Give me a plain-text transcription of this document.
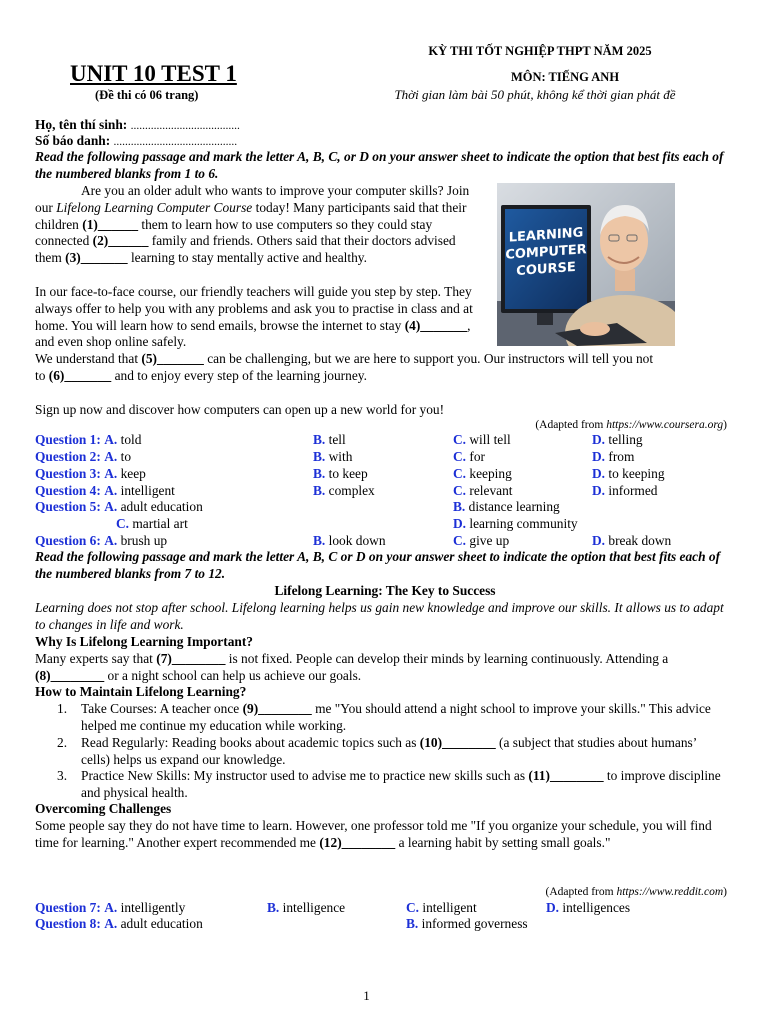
KỲ THI TỐT NGHIỆP THPT NĂM 2025
UNIT 10 TEST 1	MÔN: TIẾNG ANH
(Đề thi có 06 trang)	Thời gian làm bài 50 phút, không kể thời gian phát đề
Họ, tên thí sinh: ......................................
Số báo danh: ...........................................
Read the following passage and mark the letter A, B, C, or D on your answer sheet to indicate the option that best fits each of the numbered blanks from 1 to 6.
LEARNING
COMPUTER
COURSE
Are you an older adult who wants to improve your computer skills? Join our Lifelong Learning Computer Course today! Many participants said that their children (1)______ them to learn how to use computers so they could stay connected (2)______ family and friends. Others said that their doctors advised them (3)_______ learning to stay mentally active and healthy.
In our face-to-face course, our friendly teachers will guide you step by step. They always offer to help you with any problems and ask you to practise in class and at home. You will learn how to send emails, browse the internet to stay (4)_______, and even shop online safely.
We understand that (5)_______ can be challenging, but we are here to support you. Our instructors will tell you not to (6)_______ and to enjoy every step of the learning journey.
Sign up now and discover how computers can open up a new world for you!
(Adapted from https://www.coursera.org)
Question 1: A. told	B. tell	C. will tell	D. telling
Question 2: A. to	B. with	C. for	D. from
Question 3: A. keep	B. to keep	C. keeping	D. to keeping
Question 4: A. intelligent	B. complex	C. relevant	D. informed
Question 5: A. adult education	B. distance learning
C. martial art	D. learning community
Question 6: A. brush up	B. look down	C. give up	D. break down
Read the following passage and mark the letter A, B, C or D on your answer sheet to indicate the option that best fits each of the numbered blanks from 7 to 12.
Lifelong Learning: The Key to Success
Learning does not stop after school. Lifelong learning helps us gain new knowledge and improve our skills. It allows us to adapt to changes in life and work.
Why Is Lifelong Learning Important?
Many experts say that (7)________ is not fixed. People can develop their minds by learning continuously. Attending a (8)________ or a night school can help us achieve our goals.
How to Maintain Lifelong Learning?
1. Take Courses: A teacher once (9)________ me "You should attend a night school to improve your skills." This advice helped me continue my education while working.
2. Read Regularly: Reading books about academic topics such as (10)________ (a subject that studies about humans’ cells) helps us expand our knowledge.
3. Practice New Skills: My instructor used to advise me to practice new skills such as (11)________ to improve discipline and physical health.
Overcoming Challenges
Some people say they do not have time to learn. However, one professor told me "If you organize your schedule, you will find time for learning." Another expert recommended me (12)________ a learning habit by setting small goals."
(Adapted from https://www.reddit.com)
Question 7: A. intelligently	B. intelligence	C. intelligent	D. intelligences
Question 8: A. adult education	B. informed governess
1
